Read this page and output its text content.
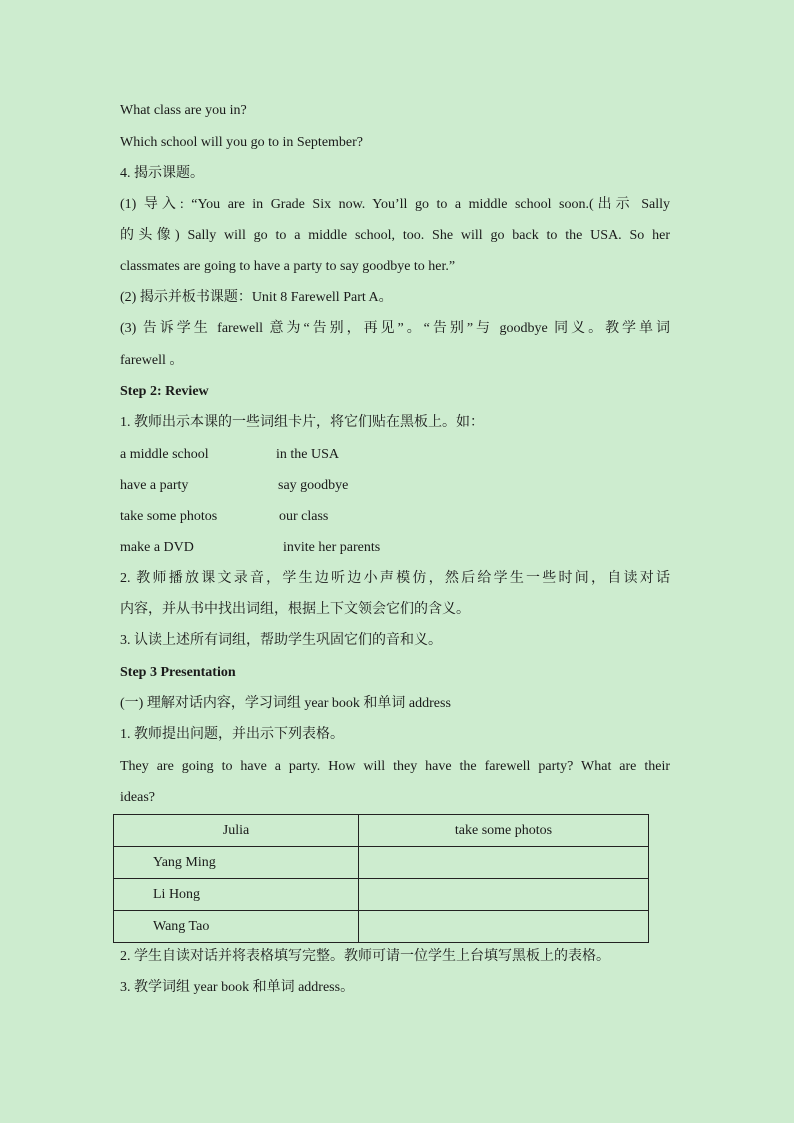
What class are you in?
Which school will you go to in September?
4. 揭示课题。
(1) 导入: “You are in Grade Six now. You’ll go to a middle school soon.(出示 Sally
的头像) Sally will go to a middle school, too. She will go back to the USA. So her
classmates are going to have a party to say goodbye to her.”
(2) 揭示并板书课题：Unit 8 Farewell Part A。
(3) 告诉学生 farewell 意为“告别，再见”。“告别”与 goodbye 同义。教学单词
farewell 。
Step 2: Review
1. 教师出示本课的一些词组卡片，将它们贴在黑板上。如：
a middle school	in the USA
have a party	say goodbye
take some photos	our class
make a DVD	invite her parents
2. 教师播放课文录音，学生边听边小声模仿，然后给学生一些时间，自读对话
内容，并从书中找出词组，根据上下文领会它们的含义。
3. 认读上述所有词组，帮助学生巩固它们的音和义。
Step 3 Presentation
(一) 理解对话内容，学习词组 year book 和单词 address
1. 教师提出问题，并出示下列表格。
They are going to have a party. How will they have the farewell party? What are their
ideas?
Julia	take some photos
Yang Ming	
Li Hong	
Wang Tao	
2. 学生自读对话并将表格填写完整。教师可请一位学生上台填写黑板上的表格。
3. 教学词组 year book 和单词 address。
